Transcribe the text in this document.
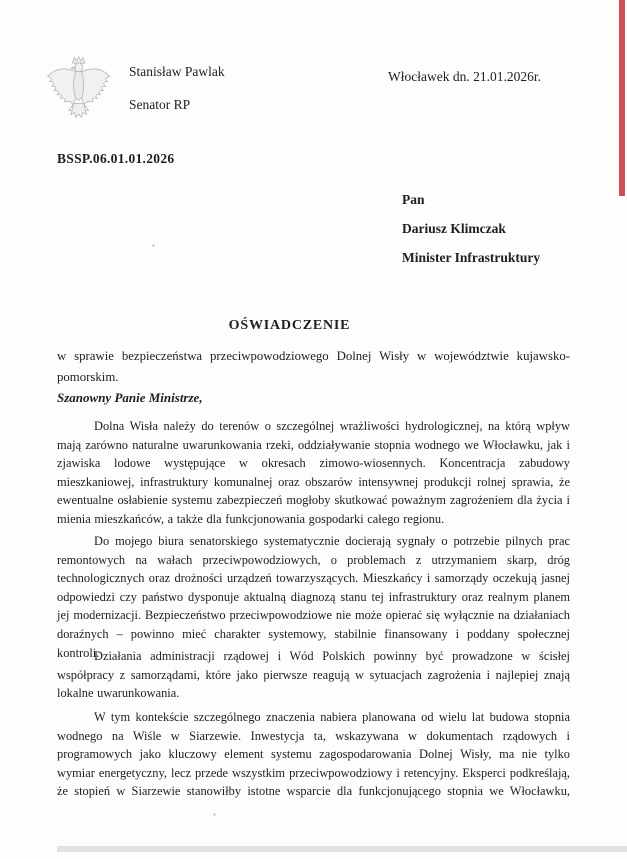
Stanisław Pawlak
Senator RP
Włocławek dn. 21.01.2026r.
BSSP.06.01.01.2026
Pan
Dariusz Klimczak
Minister Infrastruktury
OŚWIADCZENIE
w sprawie bezpieczeństwa przeciwpowodziowego Dolnej Wisły w województwie kujawsko-pomorskim.
Szanowny Panie Ministrze,

Dolna Wisła należy do terenów o szczególnej wrażliwości hydrologicznej, na którą wpływ mają zarówno naturalne uwarunkowania rzeki, oddziaływanie stopnia wodnego we Włocławku, jak i zjawiska lodowe występujące w okresach zimowo-wiosennych. Koncentracja zabudowy mieszkaniowej, infrastruktury komunalnej oraz obszarów intensywnej produkcji rolnej sprawia, że ewentualne osłabienie systemu zabezpieczeń mogłoby skutkować poważnym zagrożeniem dla życia i mienia mieszkańców, a także dla funkcjonowania gospodarki całego regionu.

Do mojego biura senatorskiego systematycznie docierają sygnały o potrzebie pilnych prac remontowych na wałach przeciwpowodziowych, o problemach z utrzymaniem skarp, dróg technologicznych oraz drożności urządzeń towarzyszących. Mieszkańcy i samorządy oczekują jasnej odpowiedzi czy państwo dysponuje aktualną diagnozą stanu tej infrastruktury oraz realnym planem jej modernizacji. Bezpieczeństwo przeciwpowodziowe nie może opierać się wyłącznie na działaniach doraźnych – powinno mieć charakter systemowy, stabilnie finansowany i poddany społecznej kontroli.

Działania administracji rządowej i Wód Polskich powinny być prowadzone w ścisłej współpracy z samorządami, które jako pierwsze reagują w sytuacjach zagrożenia i najlepiej znają lokalne uwarunkowania.

W tym kontekście szczególnego znaczenia nabiera planowana od wielu lat budowa stopnia wodnego na Wiśle w Siarzewie. Inwestycja ta, wskazywana w dokumentach rządowych i programowych jako kluczowy element systemu zagospodarowania Dolnej Wisły, ma nie tylko wymiar energetyczny, lecz przede wszystkim przeciwpowodziowy i retencyjny. Eksperci podkreślają, że stopień w Siarzewie stanowiłby istotne wsparcie dla funkcjonującego stopnia we Włocławku,
